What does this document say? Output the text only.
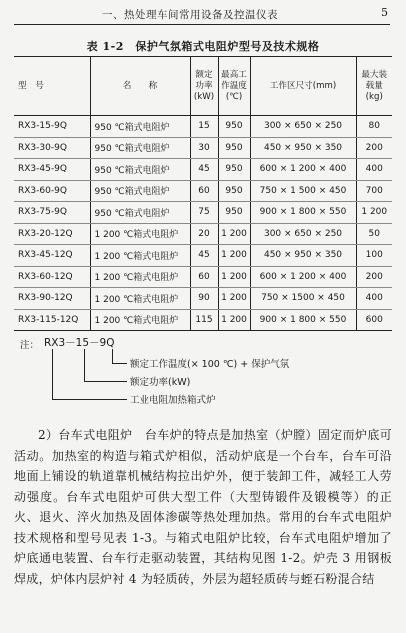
一、热处理车间常用设备及控温仪表	5
表 1-2　保护气氛箱式电阻炉型号及技术规格
型　号	名　　称	额定功率(kW)	最高工作温度(℃)	工作区尺寸(mm)	最大装载量(kg)
RX3-15-9Q	950 ℃箱式电阻炉	15	950	300 × 650 × 250	80
RX3-30-9Q	950 ℃箱式电阻炉	30	950	450 × 950 × 350	200
RX3-45-9Q	950 ℃箱式电阻炉	45	950	600 × 1 200 × 400	400
RX3-60-9Q	950 ℃箱式电阻炉	60	950	750 × 1 500 × 450	700
RX3-75-9Q	950 ℃箱式电阻炉	75	950	900 × 1 800 × 550	1 200
RX3-20-12Q	1 200 ℃箱式电阻炉	20	1 200	300 × 650 × 250	50
RX3-45-12Q	1 200 ℃箱式电阻炉	45	1 200	450 × 950 × 350	100
RX3-60-12Q	1 200 ℃箱式电阻炉	60	1 200	600 × 1 200 × 400	200
RX3-90-12Q	1 200 ℃箱式电阻炉	90	1 200	750 × 1500 × 450	400
RX3-115-12Q	1 200 ℃箱式电阻炉	115	1 200	900 × 1 800 × 550	600
注： RX3－15－9Q
额定工作温度(× 100 ℃) + 保护气氛
额定功率(kW)
工业电阻加热箱式炉
2）台车式电阻炉　台车炉的特点是加热室（炉膛）固定而炉底可活动。加热室的构造与箱式炉相似，活动炉底是一个台车，台车可沿地面上铺设的轨道靠机械结构拉出炉外，便于装卸工件，减轻工人劳动强度。台车式电阻炉可供大型工件（大型铸锻件及锻模等）的正火、退火、淬火加热及固体渗碳等热处理加热。常用的台车式电阻炉技术规格和型号见表 1-3。与箱式电阻炉比较，台车式电阻炉增加了炉底通电装置、台车行走驱动装置，其结构见图 1-2。炉壳 3 用钢板焊成，炉体内层炉衬 4 为轻质砖，外层为超轻质砖与蛭石粉混合结
